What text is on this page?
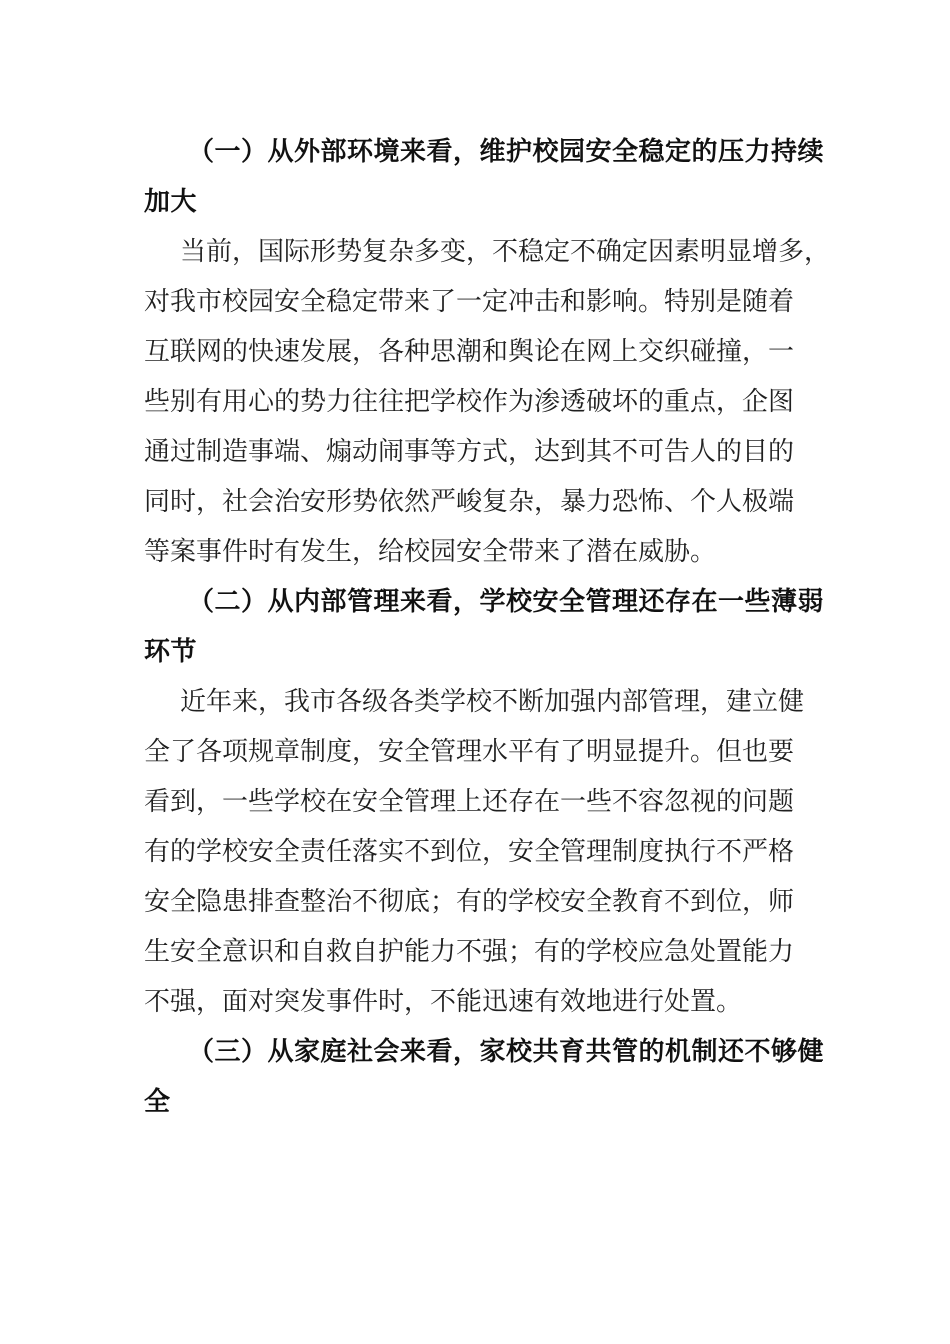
（一）从外部环境来看，维护校园安全稳定的压力持续
加大
当前，国际形势复杂多变，不稳定不确定因素明显增多，
对我市校园安全稳定带来了一定冲击和影响。特别是随着
互联网的快速发展，各种思潮和舆论在网上交织碰撞，一
些别有用心的势力往往把学校作为渗透破坏的重点，企图
通过制造事端、煽动闹事等方式，达到其不可告人的目的
同时，社会治安形势依然严峻复杂，暴力恐怖、个人极端
等案事件时有发生，给校园安全带来了潜在威胁。
（二）从内部管理来看，学校安全管理还存在一些薄弱
环节
近年来，我市各级各类学校不断加强内部管理，建立健
全了各项规章制度，安全管理水平有了明显提升。但也要
看到，一些学校在安全管理上还存在一些不容忽视的问题
有的学校安全责任落实不到位，安全管理制度执行不严格
安全隐患排查整治不彻底；有的学校安全教育不到位，师
生安全意识和自救自护能力不强；有的学校应急处置能力
不强，面对突发事件时，不能迅速有效地进行处置。
（三）从家庭社会来看，家校共育共管的机制还不够健
全
